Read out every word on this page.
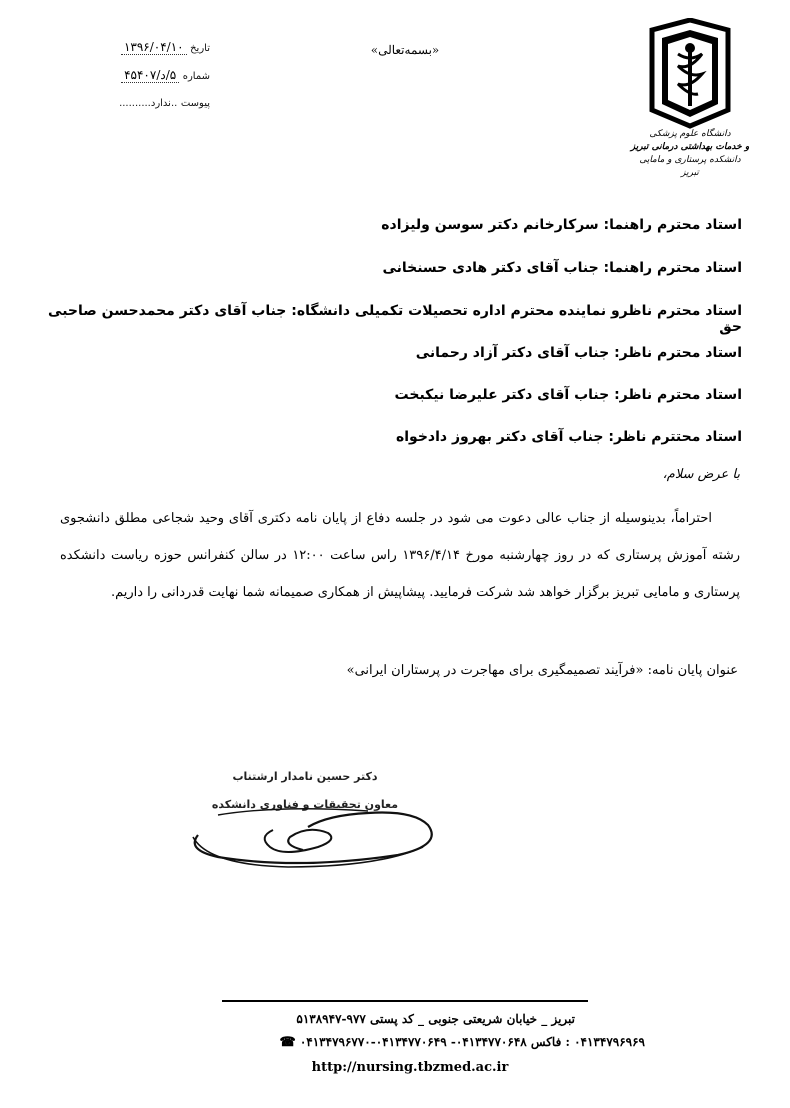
دانشگاه علوم پزشکی
و خدمات بهداشتی درمانی تبریز
دانشکده پرستاری و مامایی تبریز
«بسمه‌تعالی»
تاریخ ۱۳۹۶/۰۴/۱۰
شماره ۵/د/۴۵۴۰۷
پیوست ..ندارد..........
استاد محترم راهنما: سرکارخانم دکتر سوسن ولیزاده
استاد محترم راهنما: جناب آقای دکتر هادی حسنخانی
استاد محترم ناظرو نماینده محترم اداره تحصیلات تکمیلی دانشگاه: جناب آقای دکتر محمدحسن صاحبی حق
استاد محترم ناظر: جناب آقای دکتر آزاد رحمانی
استاد محترم ناظر: جناب آقای دکتر علیرضا نیکبخت
استاد محتترم ناظر: جناب آقای دکتر بهروز دادخواه
با عرض سلام،

احتراماً، بدینوسیله از جناب عالی دعوت می شود در جلسه دفاع از پایان نامه دکتری آقای وحید شجاعی مطلق دانشجوی رشته آموزش پرستاری که در روز چهارشنبه مورخ ۱۳۹۶/۴/۱۴ راس ساعت ۱۲:۰۰ در سالن کنفرانس حوزه ریاست دانشکده پرستاری و مامایی تبریز برگزار خواهد شد شرکت فرمایید. پیشاپیش از همکاری صمیمانه شما نهایت قدردانی را داریم.

عنوان پایان نامه: «فرآیند تصمیمگیری برای مهاجرت در پرستاران ایرانی»
دکتر حسین نامدار ارشتناب
معاون تحقیقات و فناوری دانشکده
تبریز _ خیابان شریعتی جنوبی _ کد پستی ۹۷۷-۵۱۳۸۹۴۷
۰۴۱۳۴۷۹۶۹۶۹ : فاکس ۰۴۱۳۴۷۷۰۶۴۸- ۰۴۱۳۴۷۷۰۶۴۹-۰۴۱۳۴۷۹۶۷۷۰ ☎
http://nursing.tbzmed.ac.ir
